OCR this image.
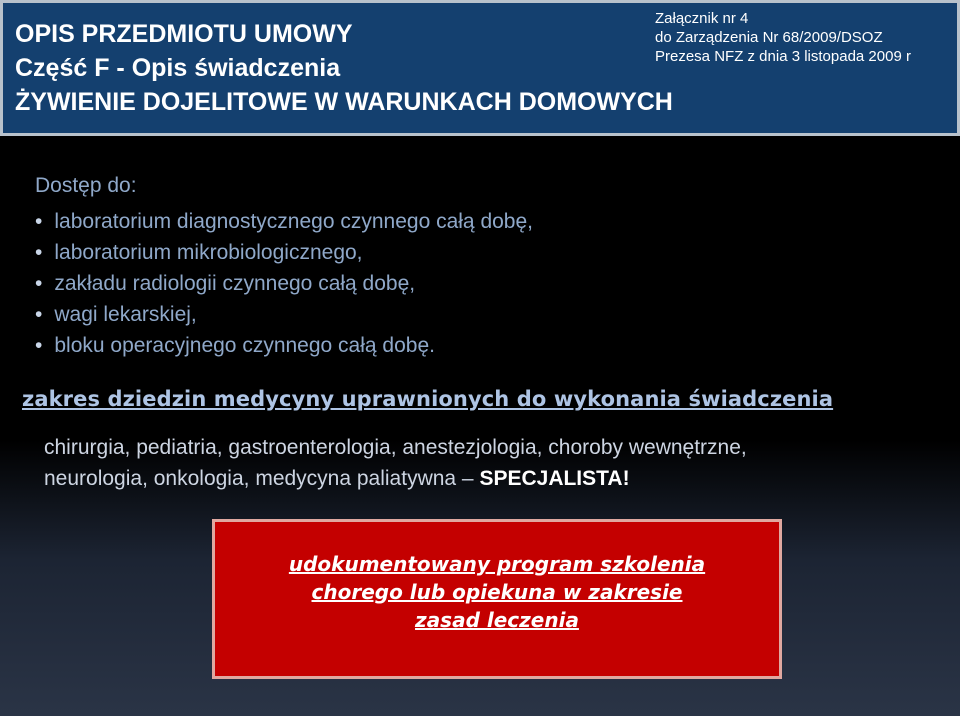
OPIS PRZEDMIOTU UMOWY

Część F - Opis świadczenia

ŻYWIENIE DOJELITOWE W WARUNKACH DOMOWYCH

Załącznik nr 4

do Zarządzenia Nr 68/2009/DSOZ

Prezesa NFZ z dnia 3 listopada 2009 r

Dostęp do:

• laboratorium diagnostycznego czynnego całą dobę,
• laboratorium mikrobiologicznego,
• zakładu radiologii czynnego całą dobę,
• wagi lekarskiej,
• bloku operacyjnego czynnego całą dobę.

zakres dziedzin medycyny uprawnionych do wykonania świadczenia

chirurgia, pediatria, gastroenterologia, anestezjologia, choroby wewnętrzne,
neurologia, onkologia, medycyna paliatywna – SPECJALISTA!

udokumentowany program szkolenia

chorego lub opiekuna w zakresie

zasad leczenia
